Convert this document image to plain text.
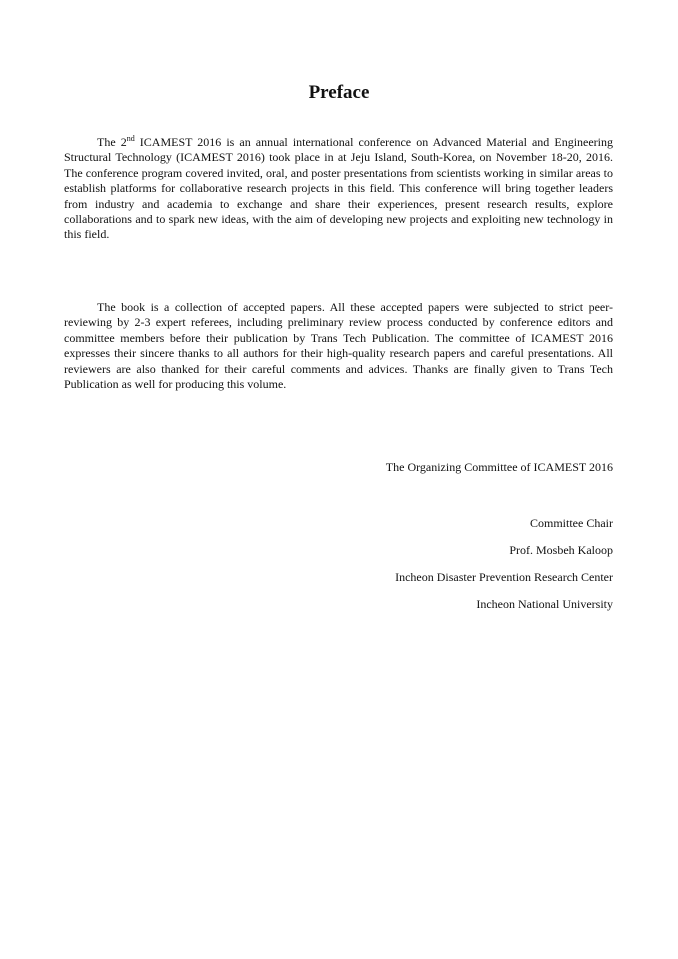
Preface

The 2nd ICAMEST 2016 is an annual international conference on Advanced Material and Engineering Structural Technology (ICAMEST 2016) took place in at Jeju Island, South-Korea, on November 18-20, 2016. The conference program covered invited, oral, and poster presentations from scientists working in similar areas to establish platforms for collaborative research projects in this field. This conference will bring together leaders from industry and academia to exchange and share their experiences, present research results, explore collaborations and to spark new ideas, with the aim of developing new projects and exploiting new technology in this field.

The book is a collection of accepted papers. All these accepted papers were subjected to strict peer-reviewing by 2-3 expert referees, including preliminary review process conducted by conference editors and committee members before their publication by Trans Tech Publication. The committee of ICAMEST 2016 expresses their sincere thanks to all authors for their high-quality research papers and careful presentations. All reviewers are also thanked for their careful comments and advices. Thanks are finally given to Trans Tech Publication as well for producing this volume.

The Organizing Committee of ICAMEST 2016

Committee Chair

Prof. Mosbeh Kaloop

Incheon Disaster Prevention Research Center

Incheon National University
